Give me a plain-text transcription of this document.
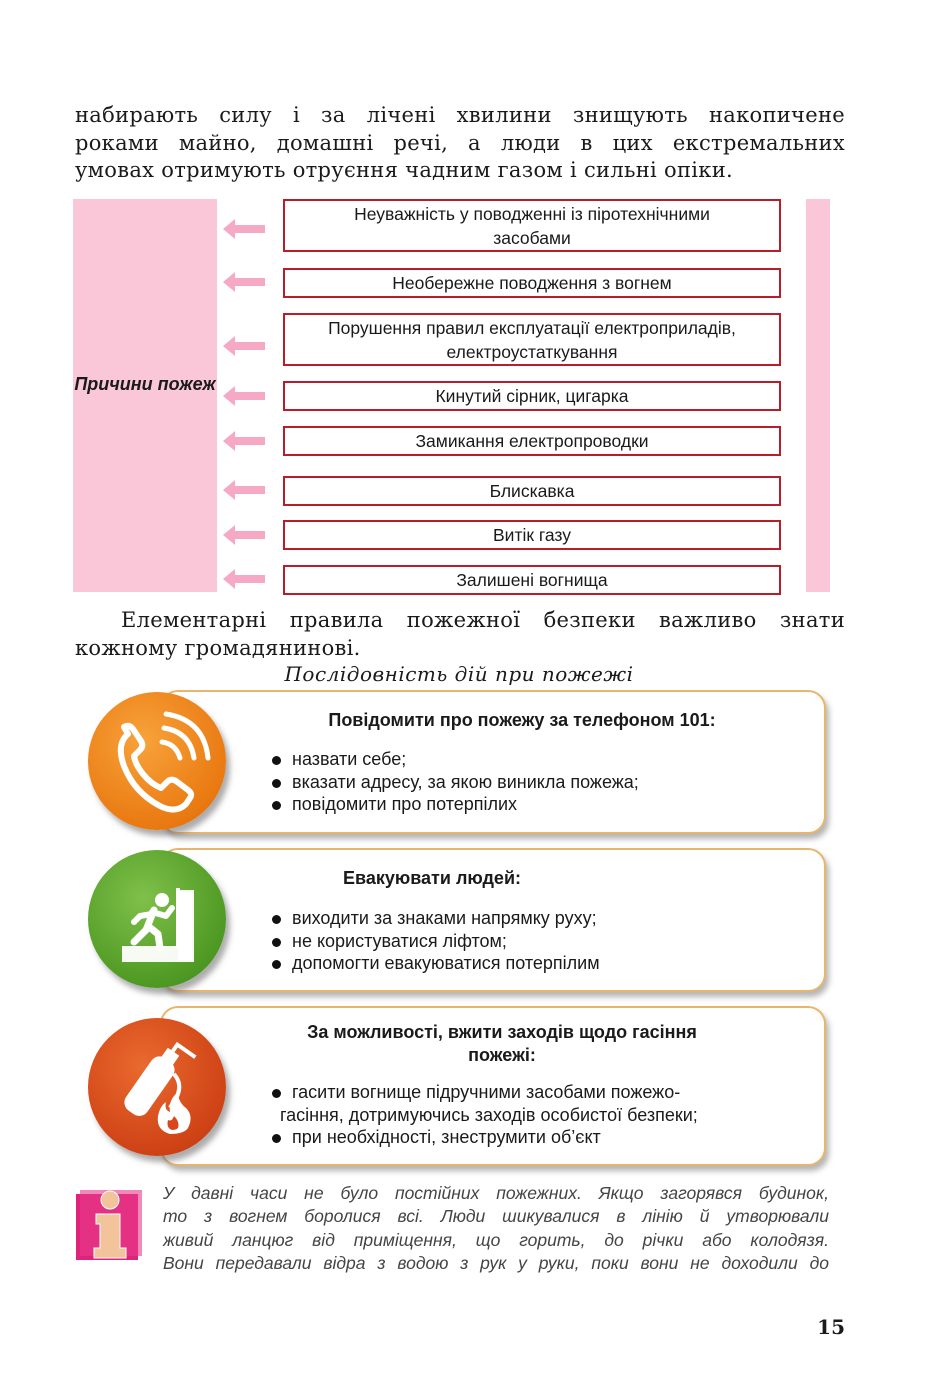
набирають силу і за лічені хвилини знищують накопичене
роками майно, домашні речі, а люди в цих екстремальних
умовах отримують отруєння чадним газом і сильні опіки.
Причини пожеж
Неуважність у поводженні із піротехнічними засобами
Необережне поводження з вогнем
Порушення правил експлуатації електроприладів, електроустаткування
Кинутий сірник, цигарка
Замикання електропроводки
Блискавка
Витік газу
Залишені вогнища
Елементарні правила пожежної безпеки важливо знати
кожному громадянинові.
Послідовність дій при пожежі
Повідомити про пожежу за телефоном 101:
назвати себе;
вказати адресу, за якою виникла пожежа;
повідомити про потерпілих
Евакуювати людей:
виходити за знаками напрямку руху;
не користуватися ліфтом;
допомогти евакуюватися потерпілим
За можливості, вжити заходів щодо гасіння пожежі:
гасити вогнище підручними засобами пожежо-
гасіння, дотримуючись заходів особистої безпеки;
при необхідності, знеструмити об’єкт
У давні часи не було постійних пожежних. Якщо загорявся будинок,
то з вогнем боролися всі. Люди шикувалися в лінію й утворювали
живий ланцюг від приміщення, що горить, до річки або колодязя.
Вони передавали відра з водою з рук у руки, поки вони не доходили до
15
